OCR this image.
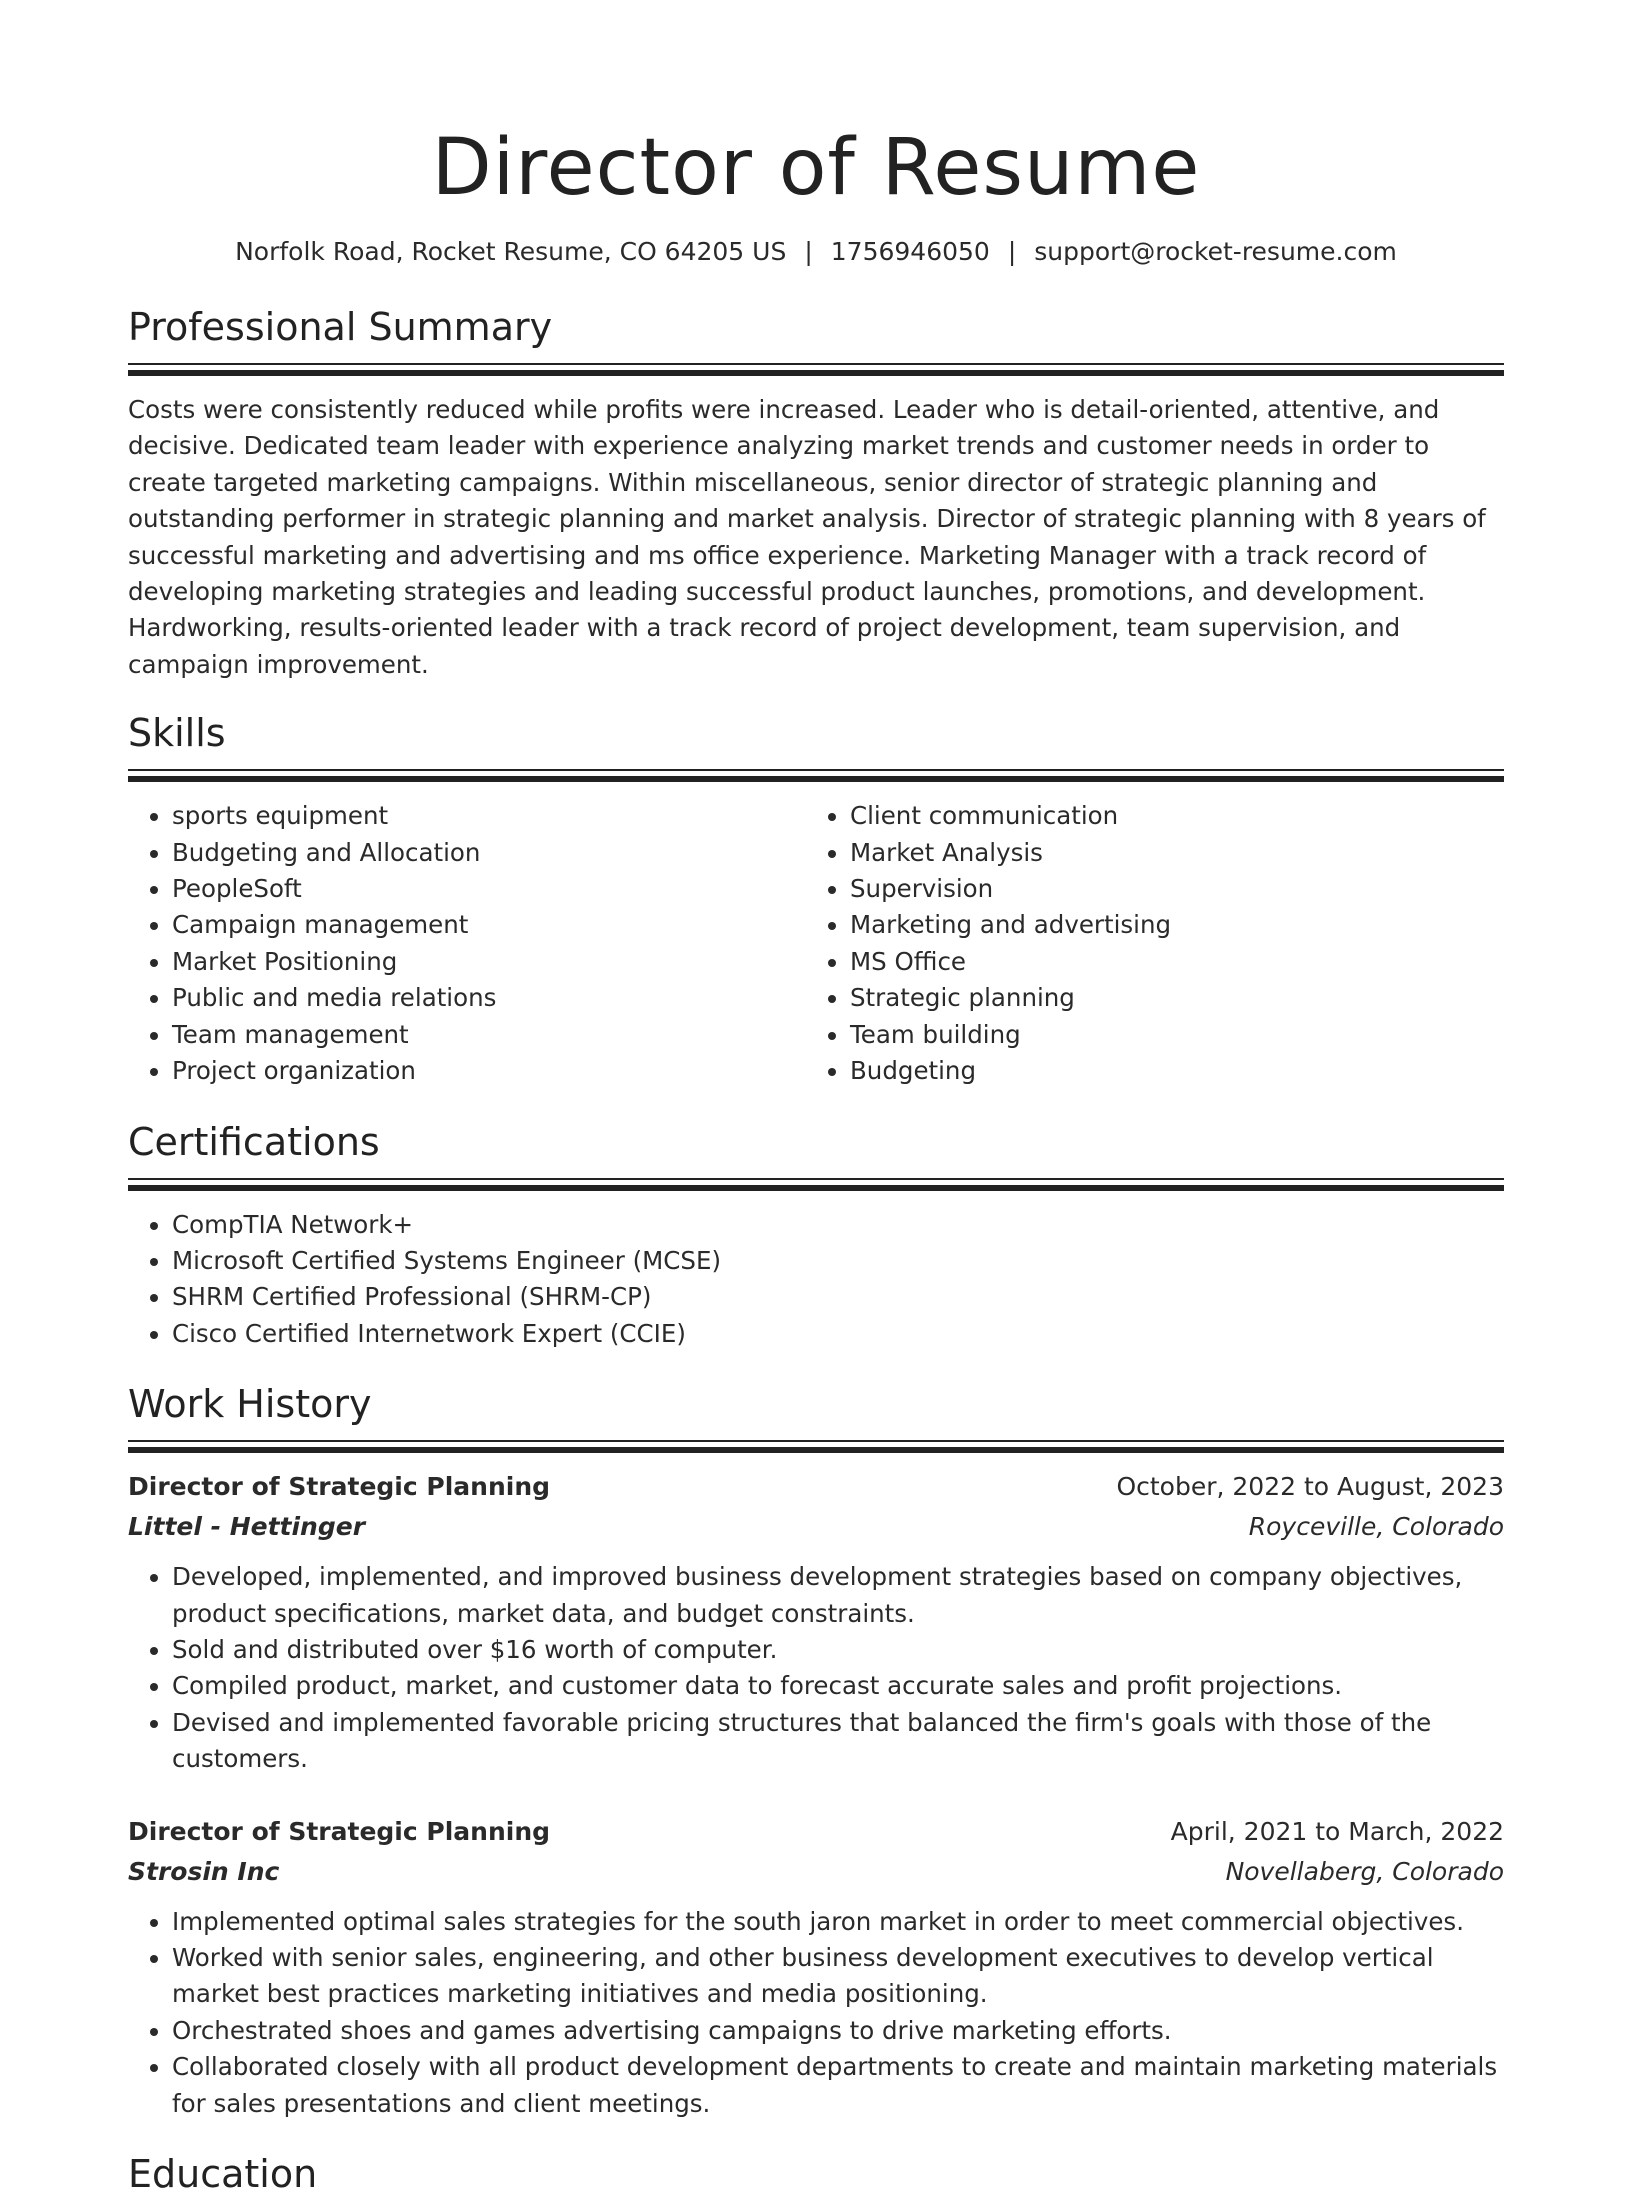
Director of Resume
Norfolk Road, Rocket Resume, CO 64205 US | 1756946050 | support@rocket-resume.com
Professional Summary

Costs were consistently reduced while profits were increased. Leader who is detail-oriented, attentive, and decisive. Dedicated team leader with experience analyzing market trends and customer needs in order to create targeted marketing campaigns. Within miscellaneous, senior director of strategic planning and outstanding performer in strategic planning and market analysis. Director of strategic planning with 8 years of successful marketing and advertising and ms office experience. Marketing Manager with a track record of developing marketing strategies and leading successful product launches, promotions, and development. Hardworking, results-oriented leader with a track record of project development, team supervision, and campaign improvement.

Skills
• sports equipment
• Budgeting and Allocation
• PeopleSoft
• Campaign management
• Market Positioning
• Public and media relations
• Team management
• Project organization
• Client communication
• Market Analysis
• Supervision
• Marketing and advertising
• MS Office
• Strategic planning
• Team building
• Budgeting
Certifications
• CompTIA Network+
• Microsoft Certified Systems Engineer (MCSE)
• SHRM Certified Professional (SHRM-CP)
• Cisco Certified Internetwork Expert (CCIE)
Work History
Director of Strategic Planning	October, 2022 to August, 2023
Littel - Hettinger	Royceville, Colorado
• Developed, implemented, and improved business development strategies based on company objectives, product specifications, market data, and budget constraints.
• Sold and distributed over $16 worth of computer.
• Compiled product, market, and customer data to forecast accurate sales and profit projections.
• Devised and implemented favorable pricing structures that balanced the firm's goals with those of the customers.
Director of Strategic Planning	April, 2021 to March, 2022
Strosin Inc	Novellaberg, Colorado
• Implemented optimal sales strategies for the south jaron market in order to meet commercial objectives.
• Worked with senior sales, engineering, and other business development executives to develop vertical market best practices marketing initiatives and media positioning.
• Orchestrated shoes and games advertising campaigns to drive marketing efforts.
• Collaborated closely with all product development departments to create and maintain marketing materials for sales presentations and client meetings.
Education
